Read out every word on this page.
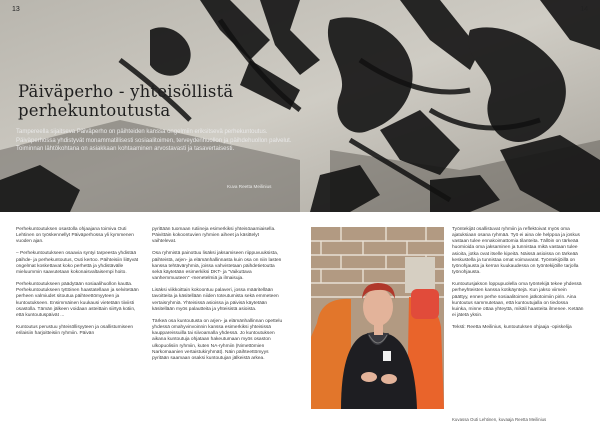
13	14
Päiväperho - yhteisöllistä
perhekuntoutusta
Tampereella sijaitseva Päiväperho on päihteiden kanssa ongelmiin eriksitsevä perhekuntoutus. Päiväperhossa yhdistyvät monammatillisesti sosiaalitoimen, terveydenhuollon ja päihdehuollon palvelut. Toiminnan lähtökohtana on asiakkaan kohtaaminen arvostavasti ja tasavertaisesti.
Kuva Reetta Meilinius

Perhekuntoutuksen osastolla ohjaajana toimiva Outi Lehtinen on työskennellyt Päiväperhossa yli kymmenen vuoden ajan.

– Perhekuntoutukseen osaavia syntyi tarpeesta yhdistää päihde- ja perhekuntoutus, Outi kertoo. Päihteisiin liittyvät ongelmat koskettavat koko perhettä ja yhdistävälle mieluummin saavutetaan kokonaisvaltaisempi hoito.

Perhekuntoutukseen päädytään sosiaalihuollon kautta. Perhekuntoutukseen tyttöinen haastatellaan ja selvitetään perheen valmiudet sitoutua päihteettömyyteen ja kuntoutukseen. Ensimmäinen kuukausi vietetään tiiviisti osastolla. Tämän jälkeen voidaan asteittain siirtyä kotiin, että kuntoutuspäivät ...

Kuntoutus perustuu yhteisöllisyyteen ja osallistumiseen erilaisiin harjoitteisiin ryhmiin. Päivän

pyrittään tuomaan rutiineja esimerkiksi yhteisöaamiaisella. Päivittäin kokoontuvien ryhmien aiheet ja käsittelyt vaihtelevat.

Osa ryhmistä painottuu lisäksi jaksamiseen riippuvuuksista, päihteistä, arjen- ja elämänhallinnasta kuin osa on niin lasten kanssa tehtäväryhmiä, joissa vahvistetaan päihdetietoutta sekä käytetään esimerkiksi DKT- ja "Vaikuttava vanhemmuuteen" -menetelmiä ja ilmaisuja.

Lisäksi viikkoittain kokoontuu palaveri, jossa määritellään tavoitteita ja käsitellään niiden toteutumista sekä emmeteen vertaisryhmiä. Yhteisissä asioissa ja päivisä käytetään käsitellään myös palautteita ja yhteisistä asioista.

Tärkeä osa kuntoutusta on arjen- ja elämänhallinnan opettelu yhdessä omahyvinvoinnin kanssa esimerkiksi yhteisissä kauppareissuilla tai siivoamalla yhdessä. Jo kuntoutuksen aikana kuntoutuja ohjataan hakeutumaan myös osaston ulkopuolisiin ryhmiin, kuten NA-ryhmiin (Nimettömien Narkomaanien vertaistukiryhmät). Näin päihteettömyys pyritään saamaan osaksi kuntoutujan jälkeistä arkea.

Työntekijät osallistuvat ryhmiin ja reflektoivat myös oma ajatuksiaan osana ryhmää. Työ ei aina ole helppoa ja joskus vastaan tulee ennakoimattomia tilanteita. Tällöin on tärkeää huomioida oma jaksaminen ja tunnistaa mikä vastaan tulee asioita, jotka ovat itselle kipeitä. Näissä asioissa on tärkeää keskustella ja tunnistaa omat voimavarat. Työntekijöillä on työnohjausta ja kerran kuukaudessa on työntekijöille tarjolla työnohjausta.

Kuntoutusjakson loppupuolella oma työntekijä tekee yhdessä perheyhteisten kanssa kotikäyntejä. Kun jakso viimein päättyy, ennen perhe sosiaalitoimen jatkotoimiin pirin. Aina kuntoutus sammutetaan, että kuntoutujalla on tiedossa kuinka, minne ottaa yhteyttä, mikäli haasteita ilmenee. Ketään ei jätetä yksin.

Teksti: Reetta Meilinius, kuntoutuksen ohjaaja -opiskelija

Kuvassa Outi Lehtinen, kuvaaja Reetta Meilinius
